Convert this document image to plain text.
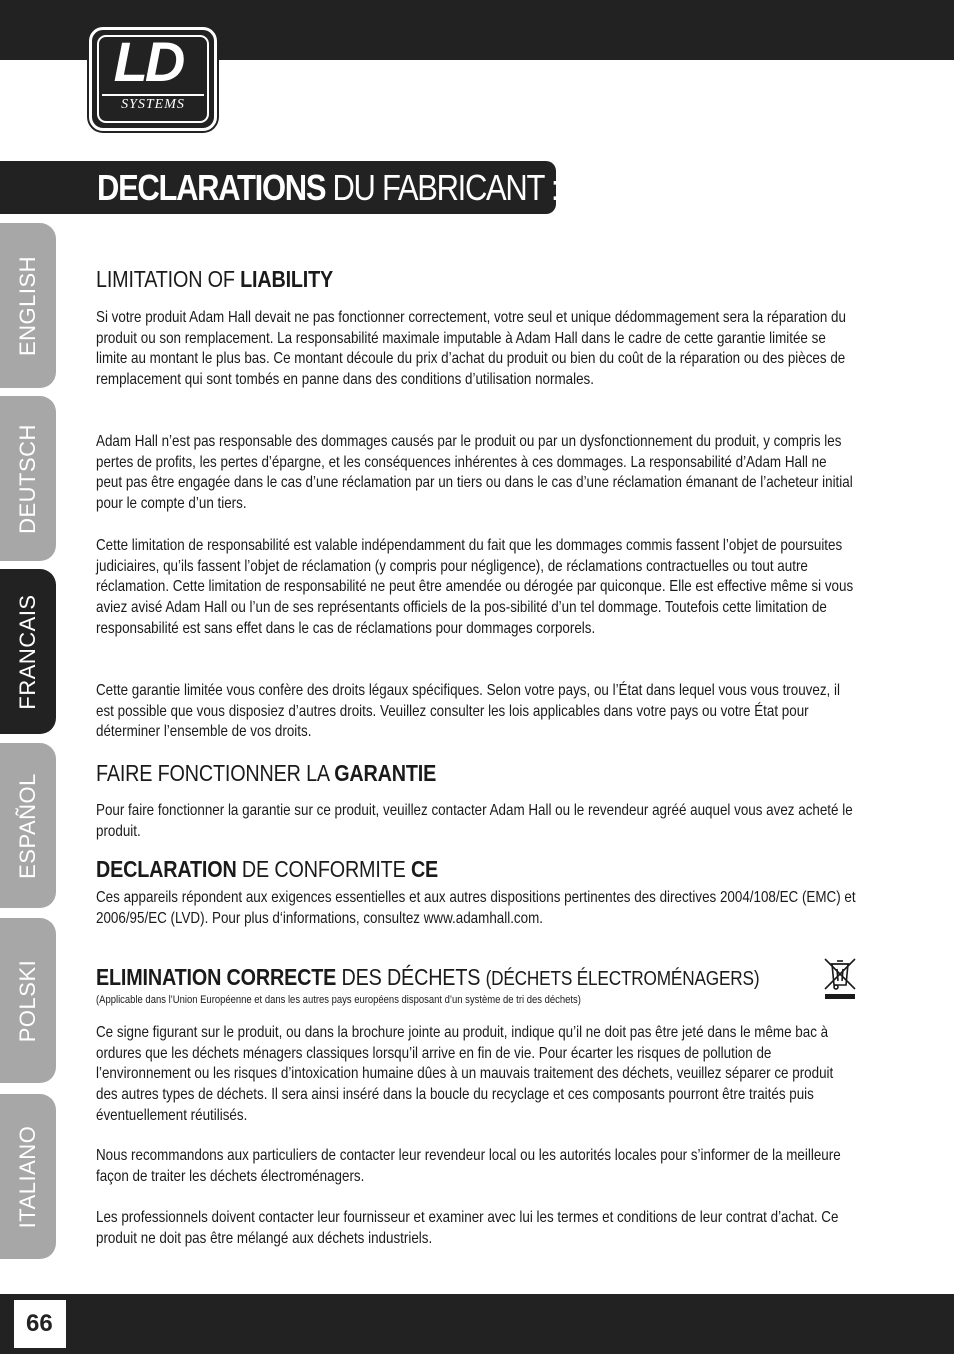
LD
SYSTEMS
DECLARATIONS DU FABRICANT :
ENGLISH
DEUTSCH
FRANCAIS
ESPAÑOL
POLSKI
ITALIANO
LIMITATION OF LIABILITY

Si votre produit Adam Hall devait ne pas fonctionner correctement, votre seul et unique dédommagement sera la réparation du produit ou son remplacement. La responsabilité maximale imputable à Adam Hall dans le cadre de cette garantie limitée se limite au montant le plus bas. Ce montant découle du prix d’achat du produit ou bien du coût de la réparation ou des pièces de remplacement qui sont tombés en panne dans des conditions d’utilisation normales.

Adam Hall n’est pas responsable des dommages causés par le produit ou par un dysfonctionnement du produit, y compris les pertes de profits, les pertes d’épargne, et les conséquences inhérentes à ces dommages. La responsabilité d’Adam Hall ne peut pas être engagée dans le cas d’une réclamation par un tiers ou dans le cas d’une réclamation émanant de l’acheteur initial pour le compte d’un tiers.

Cette limitation de responsabilité est valable indépendamment du fait que les dommages commis fassent l’objet de poursuites judiciaires, qu’ils fassent l’objet de réclamation (y compris pour négligence), de réclamations contractuelles ou tout autre réclamation. Cette limitation de responsabilité ne peut être amendée ou dérogée par quiconque. Elle est effective même si vous aviez avisé Adam Hall ou l’un de ses représentants officiels de la pos-sibilité d’un tel dommage. Toutefois cette limitation de responsabilité est sans effet dans le cas de réclamations pour dommages corporels.

Cette garantie limitée vous confère des droits légaux spécifiques. Selon votre pays, ou l’État dans lequel vous vous trouvez, il est possible que vous disposiez d’autres droits. Veuillez consulter les lois applicables dans votre pays ou votre État pour déterminer l’ensemble de vos droits.

FAIRE FONCTIONNER LA GARANTIE

Pour faire fonctionner la garantie sur ce produit, veuillez contacter Adam Hall ou le revendeur agréé auquel vous avez acheté le produit.

DECLARATION DE CONFORMITE CE

Ces appareils répondent aux exigences essentielles et aux autres dispositions pertinentes des directives 2004/108/EC (EMC) et 2006/95/EC (LVD). Pour plus d‘informations, consultez www.adamhall.com.

ELIMINATION CORRECTE DES DÉCHETS (DÉCHETS ÉLECTROMÉNAGERS)
(Applicable dans l’Union Européenne et dans les autres pays européens disposant d’un système de tri des déchets)

Ce signe figurant sur le produit, ou dans la brochure jointe au produit, indique qu’il ne doit pas être jeté dans le même bac à ordures que les déchets ménagers classiques lorsqu’il arrive en fin de vie. Pour écarter les risques de pollution de l’environnement ou les risques d’intoxication humaine dûes à un mauvais traitement des déchets, veuillez séparer ce produit des autres types de déchets. Il sera ainsi inséré dans la boucle du recyclage et ces composants pourront être traités puis éventuellement réutilisés.

Nous recommandons aux particuliers de contacter leur revendeur local ou les autorités locales pour s’informer de la meilleure façon de traiter les déchets électroménagers.

Les professionnels doivent contacter leur fournisseur et examiner avec lui les termes et conditions de leur contrat d’achat. Ce produit ne doit pas être mélangé aux déchets industriels.

66
